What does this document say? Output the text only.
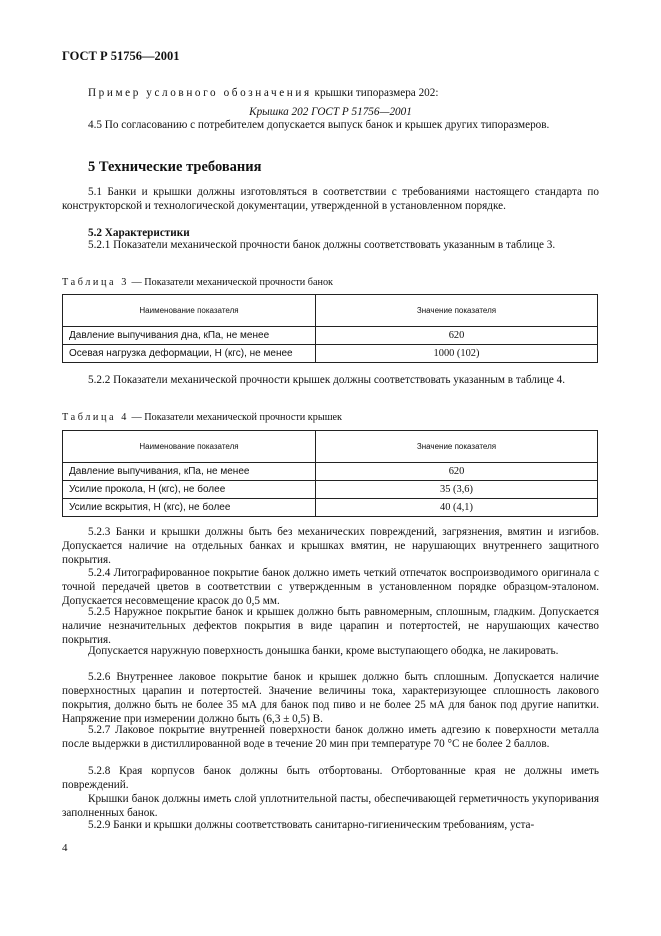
ГОСТ Р 51756—2001
Пример условного обозначения крышки типоразмера 202:
Крышка 202 ГОСТ Р 51756—2001
4.5 По согласованию с потребителем допускается выпуск банок и крышек других типоразмеров.
5 Технические требования
5.1 Банки и крышки должны изготовляться в соответствии с требованиями настоящего стандарта по конструкторской и технологической документации, утвержденной в установленном порядке.
5.2 Характеристики
5.2.1 Показатели механической прочности банок должны соответствовать указанным в таблице 3.
Таблица 3 — Показатели механической прочности банок
Наименование показателя	Значение показателя
Давление выпучивания дна, кПа, не менее	620
Осевая нагрузка деформации, Н (кгс), не менее	1000 (102)
5.2.2 Показатели механической прочности крышек должны соответствовать указанным в таблице 4.
Таблица 4 — Показатели механической прочности крышек
Наименование показателя	Значение показателя
Давление выпучивания, кПа, не менее	620
Усилие прокола, Н (кгс), не более	35 (3,6)
Усилие вскрытия, Н (кгс), не более	40 (4,1)
5.2.3 Банки и крышки должны быть без механических повреждений, загрязнения, вмятин и изгибов. Допускается наличие на отдельных банках и крышках вмятин, не нарушающих внутреннего защитного покрытия.
5.2.4 Литографированное покрытие банок должно иметь четкий отпечаток воспроизводимого оригинала с точной передачей цветов в соответствии с утвержденным в установленном порядке образцом-эталоном. Допускается несовмещение красок до 0,5 мм.
5.2.5 Наружное покрытие банок и крышек должно быть равномерным, сплошным, гладким. Допускается наличие незначительных дефектов покрытия в виде царапин и потертостей, не нарушающих качество покрытия.
Допускается наружную поверхность донышка банки, кроме выступающего ободка, не лакировать.
5.2.6 Внутреннее лаковое покрытие банок и крышек должно быть сплошным. Допускается наличие поверхностных царапин и потертостей. Значение величины тока, характеризующее сплошность лакового покрытия, должно быть не более 35 мА для банок под пиво и не более 25 мА для банок под другие напитки. Напряжение при измерении должно быть (6,3 ± 0,5) В.
5.2.7 Лаковое покрытие внутренней поверхности банок должно иметь адгезию к поверхности металла после выдержки в дистиллированной воде в течение 20 мин при температуре 70 °С не более 2 баллов.
5.2.8 Края корпусов банок должны быть отбортованы. Отбортованные края не должны иметь повреждений.
Крышки банок должны иметь слой уплотнительной пасты, обеспечивающей герметичность укупоривания заполненных банок.
5.2.9 Банки и крышки должны соответствовать санитарно-гигиеническим требованиям, уста-
4
